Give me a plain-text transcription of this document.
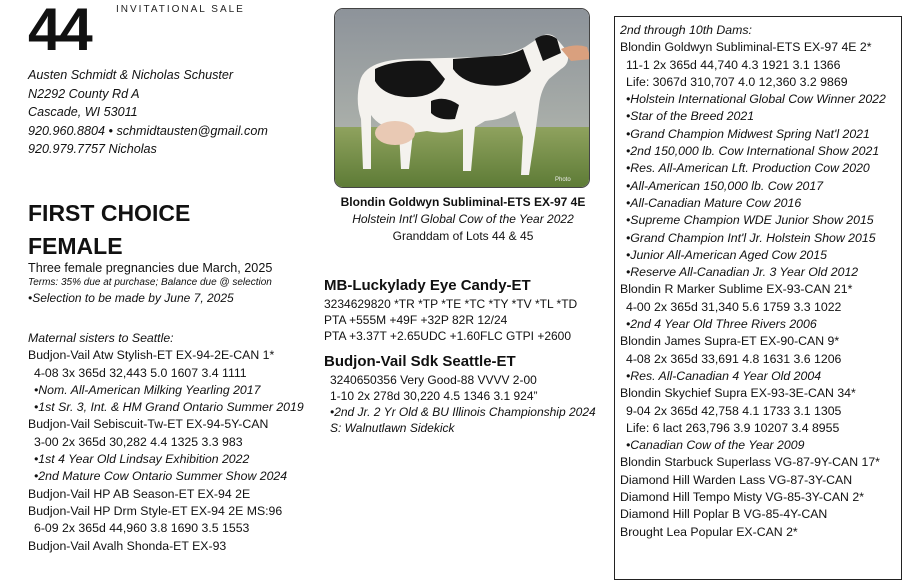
INVITATIONAL SALE
44
Austen Schmidt & Nicholas Schuster
N2292 County Rd A
Cascade, WI 53011
920.960.8804 • schmidtausten@gmail.com
920.979.7757 Nicholas
FIRST CHOICE
FEMALE
Three female pregnancies due March, 2025
Terms: 35% due at purchase; Balance due @ selection
•Selection to be made by June 7, 2025
Maternal sisters to Seattle:
Budjon-Vail Atw Stylish-ET EX-94-2E-CAN 1*
4-08 3x 365d 32,443 5.0 1607 3.4 1111
•Nom. All-American Milking Yearling 2017
•1st Sr. 3, Int. & HM Grand Ontario Summer 2019
Budjon-Vail Sebiscuit-Tw-ET EX-94-5Y-CAN
3-00 2x 365d 30,282 4.4 1325 3.3 983
•1st 4 Year Old Lindsay Exhibition 2022
•2nd Mature Cow Ontario Summer Show 2024
Budjon-Vail HP AB Season-ET EX-94 2E
Budjon-Vail HP Drm Style-ET EX-94 2E MS:96
6-09 2x 365d 44,960 3.8 1690 3.5 1553
Budjon-Vail Avalh Shonda-ET EX-93
Photo
Blondin Goldwyn Subliminal-ETS EX-97 4E
Holstein Int'l Global Cow of the Year 2022
Granddam of Lots 44 & 45
MB-Luckylady Eye Candy-ET
3234629820 *TR *TP *TE *TC *TY *TV *TL *TD
PTA +555M +49F +32P 82R 12/24
PTA +3.37T +2.65UDC +1.60FLC GTPI +2600
Budjon-Vail Sdk Seattle-ET
3240650356 Very Good-88 VVVV 2-00
1-10 2x 278d 30,220 4.5 1346 3.1 924”
•2nd Jr. 2 Yr Old & BU Illinois Championship 2024
S: Walnutlawn Sidekick
2nd through 10th Dams:
Blondin Goldwyn Subliminal-ETS EX-97 4E 2*
11-1 2x 365d 44,740 4.3 1921 3.1 1366
Life: 3067d 310,707 4.0 12,360 3.2 9869
•Holstein International Global Cow Winner 2022
•Star of the Breed 2021
•Grand Champion Midwest Spring Nat'l 2021
•2nd 150,000 lb. Cow International Show 2021
•Res. All-American Lft. Production Cow 2020
•All-American 150,000 lb. Cow 2017
•All-Canadian Mature Cow 2016
•Supreme Champion WDE Junior Show 2015
•Grand Champion Int'l Jr. Holstein Show 2015
•Junior All-American Aged Cow 2015
•Reserve All-Canadian Jr. 3 Year Old 2012
Blondin R Marker Sublime EX-93-CAN 21*
4-00 2x 365d 31,340 5.6 1759 3.3 1022
•2nd 4 Year Old Three Rivers 2006
Blondin James Supra-ET EX-90-CAN 9*
4-08 2x 365d 33,691 4.8 1631 3.6 1206
•Res. All-Canadian 4 Year Old 2004
Blondin Skychief Supra EX-93-3E-CAN 34*
9-04 2x 365d 42,758 4.1 1733 3.1 1305
Life: 6 lact 263,796 3.9 10207 3.4 8955
•Canadian Cow of the Year 2009
Blondin Starbuck Superlass VG-87-9Y-CAN 17*
Diamond Hill Warden Lass VG-87-3Y-CAN
Diamond Hill Tempo Misty VG-85-3Y-CAN 2*
Diamond Hill Poplar B VG-85-4Y-CAN
Brought Lea Popular EX-CAN 2*
